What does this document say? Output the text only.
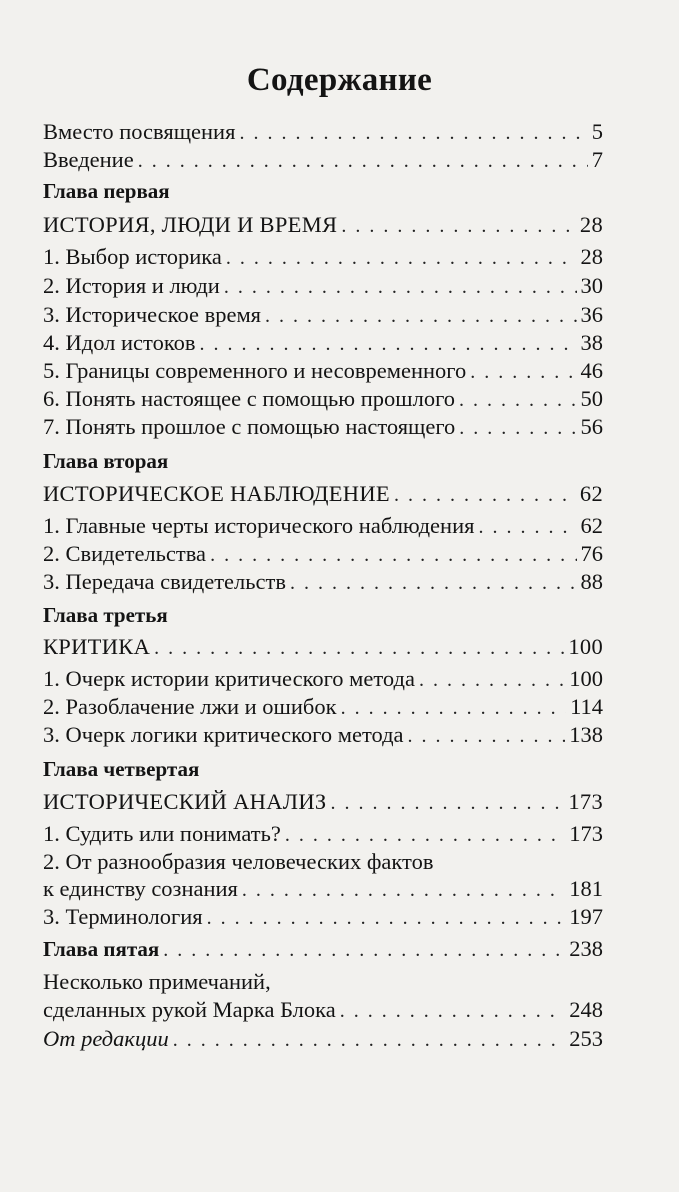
Содержание
Вместо посвящения . . .	5
Введение . . .	7
Глава первая
ИСТОРИЯ, ЛЮДИ И ВРЕМЯ . . .	28
1. Выбор историка . . .	28
2. История и люди . . .	30
3. Историческое время . . .	36
4. Идол истоков . . .	38
5. Границы современного и несовременного . . .	46
6. Понять настоящее с помощью прошлого . . .	50
7. Понять прошлое с помощью настоящего . . .	56
Глава вторая
ИСТОРИЧЕСКОЕ НАБЛЮДЕНИЕ . . .	62
1. Главные черты исторического наблюдения . . .	62
2. Свидетельства . . .	76
3. Передача свидетельств . . .	88
Глава третья
КРИТИКА . . .	100
1. Очерк истории критического метода . . .	100
2. Разоблачение лжи и ошибок . . .	114
3. Очерк логики критического метода . . .	138
Глава четвертая
ИСТОРИЧЕСКИЙ АНАЛИЗ . . .	173
1. Судить или понимать? . . .	173
2. От разнообразия человеческих фактов
к единству сознания . . .	181
3. Терминология . . .	197
Глава пятая . . .	238
Несколько примечаний,
сделанных рукой Марка Блока . . .	248
От редакции . . .	253
